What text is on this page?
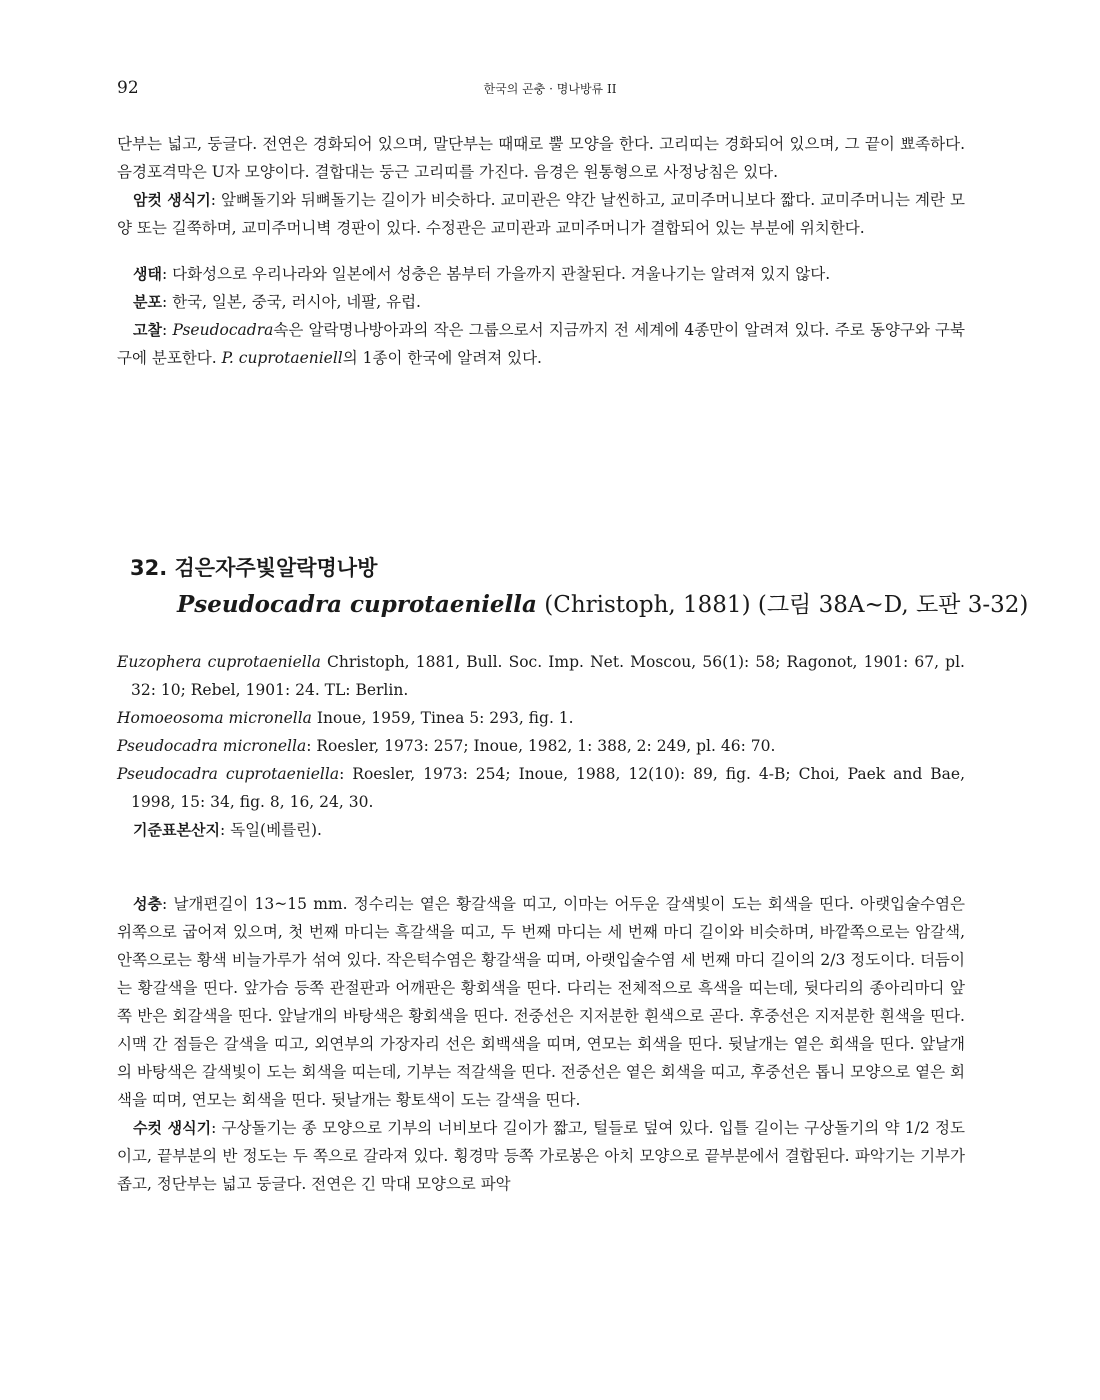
92	한국의 곤충 · 명나방류 II

단부는 넓고, 둥글다. 전연은 경화되어 있으며, 말단부는 때때로 뿔 모양을 한다. 고리띠는 경화되어 있으며, 그 끝이 뾰족하다. 음경포격막은 U자 모양이다. 결합대는 둥근 고리띠를 가진다. 음경은 원통형으로 사정낭침은 있다.

암컷 생식기: 앞뼈돌기와 뒤뼈돌기는 길이가 비슷하다. 교미관은 약간 날씬하고, 교미주머니보다 짧다. 교미주머니는 계란 모양 또는 길쭉하며, 교미주머니벽 경판이 있다. 수정관은 교미관과 교미주머니가 결합되어 있는 부분에 위치한다.

생태: 다화성으로 우리나라와 일본에서 성충은 봄부터 가을까지 관찰된다. 겨울나기는 알려져 있지 않다.

분포: 한국, 일본, 중국, 러시아, 네팔, 유럽.

고찰: Pseudocadra속은 알락명나방아과의 작은 그룹으로서 지금까지 전 세계에 4종만이 알려져 있다. 주로 동양구와 구북구에 분포한다. P. cuprotaeniell의 1종이 한국에 알려져 있다.

32. 검은자주빛알락명나방
Pseudocadra cuprotaeniella (Christoph, 1881) (그림 38A~D, 도판 3-32)

Euzophera cuprotaeniella Christoph, 1881, Bull. Soc. Imp. Net. Moscou, 56(1): 58; Ragonot, 1901: 67, pl. 32: 10; Rebel, 1901: 24. TL: Berlin.

Homoeosoma micronella Inoue, 1959, Tinea 5: 293, fig. 1.

Pseudocadra micronella: Roesler, 1973: 257; Inoue, 1982, 1: 388, 2: 249, pl. 46: 70.

Pseudocadra cuprotaeniella: Roesler, 1973: 254; Inoue, 1988, 12(10): 89, fig. 4-B; Choi, Paek and Bae, 1998, 15: 34, fig. 8, 16, 24, 30.

기준표본산지: 독일(베를린).

성충: 날개편길이 13~15 mm. 정수리는 옅은 황갈색을 띠고, 이마는 어두운 갈색빛이 도는 회색을 띤다. 아랫입술수염은 위쪽으로 굽어져 있으며, 첫 번째 마디는 흑갈색을 띠고, 두 번째 마디는 세 번째 마디 길이와 비슷하며, 바깥쪽으로는 암갈색, 안쪽으로는 황색 비늘가루가 섞여 있다. 작은턱수염은 황갈색을 띠며, 아랫입술수염 세 번째 마디 길이의 2/3 정도이다. 더듬이는 황갈색을 띤다. 앞가슴 등쪽 관절판과 어깨판은 황회색을 띤다. 다리는 전체적으로 흑색을 띠는데, 뒷다리의 종아리마디 앞쪽 반은 회갈색을 띤다. 앞날개의 바탕색은 황회색을 띤다. 전중선은 지저분한 흰색으로 곧다. 후중선은 지저분한 흰색을 띤다. 시맥 간 점들은 갈색을 띠고, 외연부의 가장자리 선은 회백색을 띠며, 연모는 회색을 띤다. 뒷날개는 옅은 회색을 띤다. 앞날개의 바탕색은 갈색빛이 도는 회색을 띠는데, 기부는 적갈색을 띤다. 전중선은 옅은 회색을 띠고, 후중선은 톱니 모양으로 옅은 회색을 띠며, 연모는 회색을 띤다. 뒷날개는 황토색이 도는 갈색을 띤다.

수컷 생식기: 구상돌기는 종 모양으로 기부의 너비보다 길이가 짧고, 털들로 덮여 있다. 입틀 길이는 구상돌기의 약 1/2 정도이고, 끝부분의 반 정도는 두 쪽으로 갈라져 있다. 횡경막 등쪽 가로봉은 아치 모양으로 끝부분에서 결합된다. 파악기는 기부가 좁고, 정단부는 넓고 둥글다. 전연은 긴 막대 모양으로 파악
